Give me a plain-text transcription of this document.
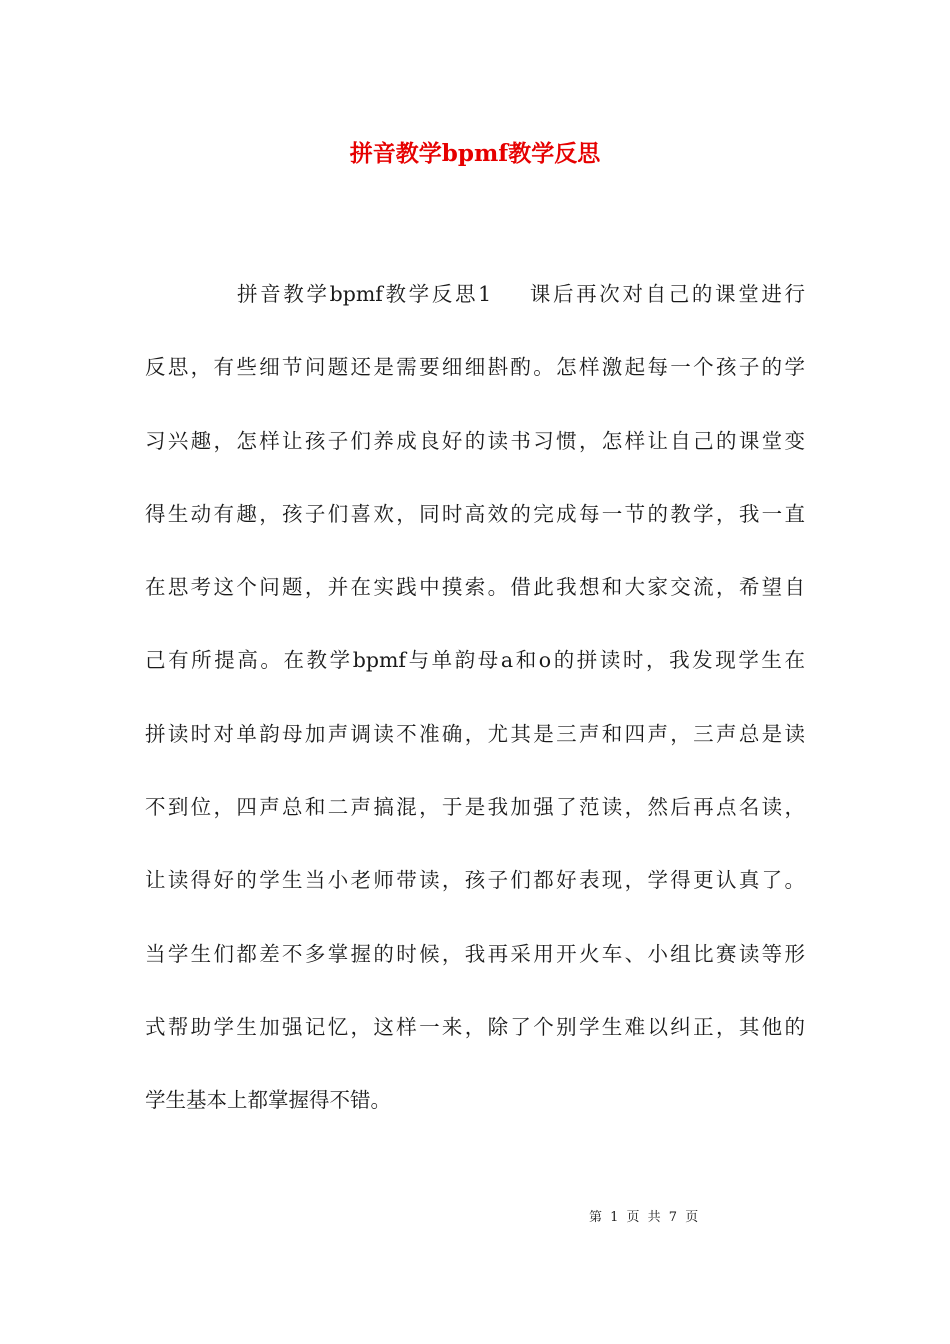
拼音教学bpmf教学反思
拼音教学bpmf教学反思1 课后再次对自己的课堂进行
反思，有些细节问题还是需要细细斟酌。怎样激起每一个孩子的学
习兴趣，怎样让孩子们养成良好的读书习惯，怎样让自己的课堂变
得生动有趣，孩子们喜欢，同时高效的完成每一节的教学，我一直
在思考这个问题，并在实践中摸索。借此我想和大家交流，希望自
己有所提高。在教学bpmf与单韵母a和o的拼读时，我发现学生在
拼读时对单韵母加声调读不准确，尤其是三声和四声，三声总是读
不到位，四声总和二声搞混，于是我加强了范读，然后再点名读，
让读得好的学生当小老师带读，孩子们都好表现，学得更认真了。
当学生们都差不多掌握的时候，我再采用开火车、小组比赛读等形
式帮助学生加强记忆，这样一来，除了个别学生难以纠正，其他的
学生基本上都掌握得不错。
第 1 页 共 7 页
